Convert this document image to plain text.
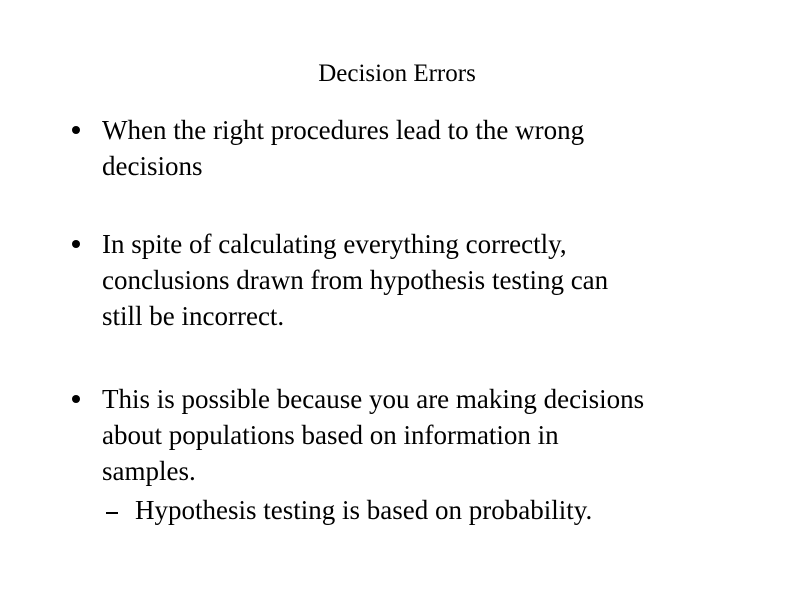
Decision Errors
When the right procedures lead to the wrong
decisions
In spite of calculating everything correctly,
conclusions drawn from hypothesis testing can
still be incorrect.
This is possible because you are making decisions
about populations based on information in
samples.
Hypothesis testing is based on probability.
